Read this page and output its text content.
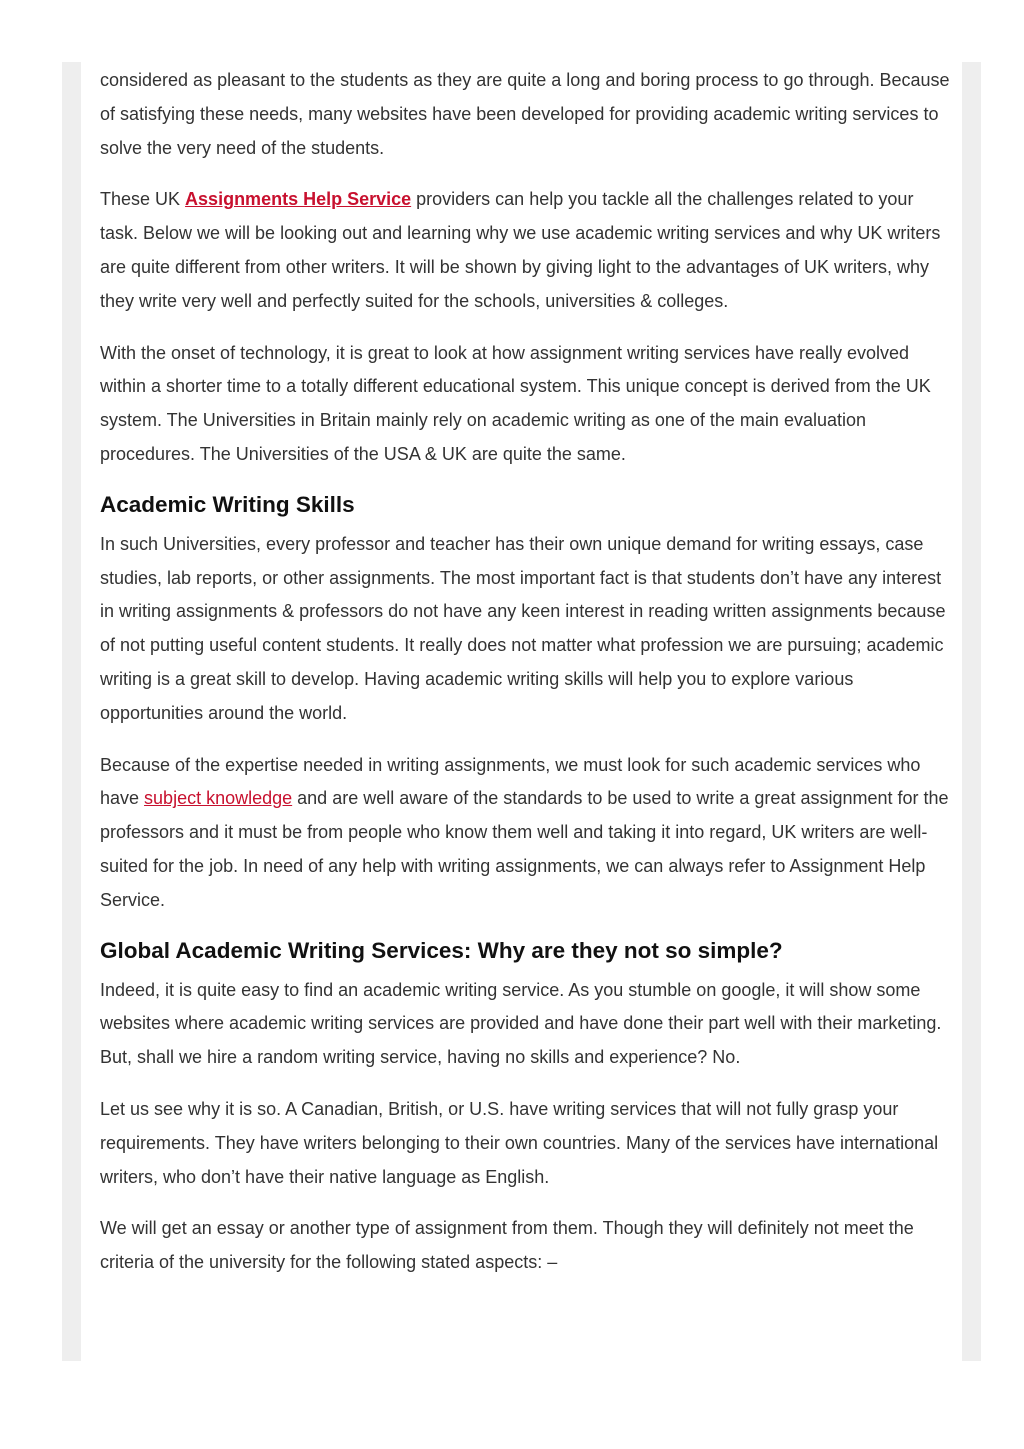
considered as pleasant to the students as they are quite a long and boring process to go through. Because of satisfying these needs, many websites have been developed for providing academic writing services to solve the very need of the students.

These UK Assignments Help Service providers can help you tackle all the challenges related to your task. Below we will be looking out and learning why we use academic writing services and why UK writers are quite different from other writers. It will be shown by giving light to the advantages of UK writers, why they write very well and perfectly suited for the schools, universities & colleges.

With the onset of technology, it is great to look at how assignment writing services have really evolved within a shorter time to a totally different educational system. This unique concept is derived from the UK system. The Universities in Britain mainly rely on academic writing as one of the main evaluation procedures. The Universities of the USA & UK are quite the same.

Academic Writing Skills

In such Universities, every professor and teacher has their own unique demand for writing essays, case studies, lab reports, or other assignments. The most important fact is that students don’t have any interest in writing assignments & professors do not have any keen interest in reading written assignments because of not putting useful content students. It really does not matter what profession we are pursuing; academic writing is a great skill to develop. Having academic writing skills will help you to explore various opportunities around the world.

Because of the expertise needed in writing assignments, we must look for such academic services who have subject knowledge and are well aware of the standards to be used to write a great assignment for the professors and it must be from people who know them well and taking it into regard, UK writers are well-suited for the job. In need of any help with writing assignments, we can always refer to Assignment Help Service.

Global Academic Writing Services: Why are they not so simple?

Indeed, it is quite easy to find an academic writing service. As you stumble on google, it will show some websites where academic writing services are provided and have done their part well with their marketing. But, shall we hire a random writing service, having no skills and experience? No.

Let us see why it is so. A Canadian, British, or U.S. have writing services that will not fully grasp your requirements. They have writers belonging to their own countries. Many of the services have international writers, who don’t have their native language as English.

We will get an essay or another type of assignment from them. Though they will definitely not meet the criteria of the university for the following stated aspects: –
